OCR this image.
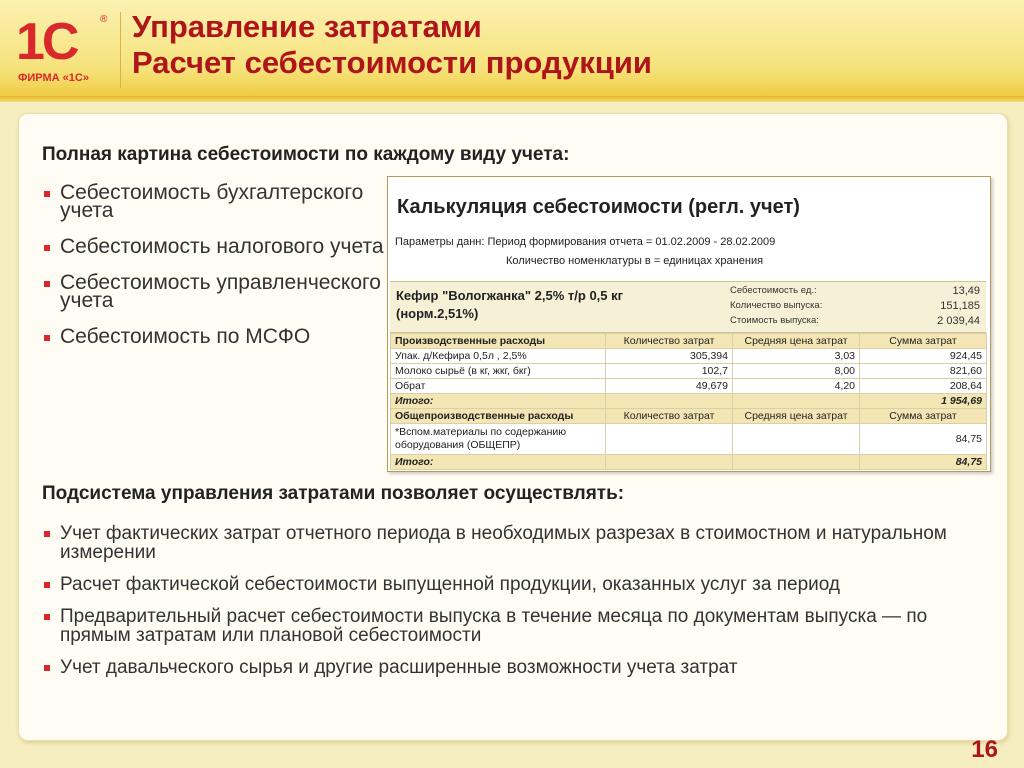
1С ®
ФИРМА «1С»
Управление затратами
Расчет себестоимости продукции
Полная картина себестоимости по каждому виду учета:
Себестоимость бухгалтерского учета
Себестоимость налогового учета
Себестоимость управленческого учета
Себестоимость по МСФО
Калькуляция себестоимости (регл. учет)
Параметры данн: Период формирования отчета = 01.02.2009 - 28.02.2009
Количество номенклатуры в = единицах хранения
Кефир "Вологжанка" 2,5% т/р 0,5 кг
(норм.2,51%)
Себестоимость ед.:	13,49
Количество выпуска:	151,185
Стоимость выпуска:	2 039,44
Производственные расходы	Количество затрат	Средняя цена затрат	Сумма затрат
Упак. д/Кефира 0,5л , 2,5%	305,394	3,03	924,45
Молоко сырьё (в кг, жкг, бкг)	102,7	8,00	821,60
Обрат	49,679	4,20	208,64
Итого:			1 954,69
Общепроизводственные расходы	Количество затрат	Средняя цена затрат	Сумма затрат
*Вспом.материалы по содержанию оборудования (ОБЩЕПР)			84,75
Итого:			84,75
Подсистема управления затратами позволяет осуществлять:
Учет фактических затрат отчетного периода в необходимых разрезах в стоимостном и натуральном измерении
Расчет фактической себестоимости выпущенной продукции, оказанных услуг за период
Предварительный расчет себестоимости выпуска в течение месяца по документам выпуска — по прямым затратам или плановой себестоимости
Учет давальческого сырья и другие расширенные возможности учета затрат
16
